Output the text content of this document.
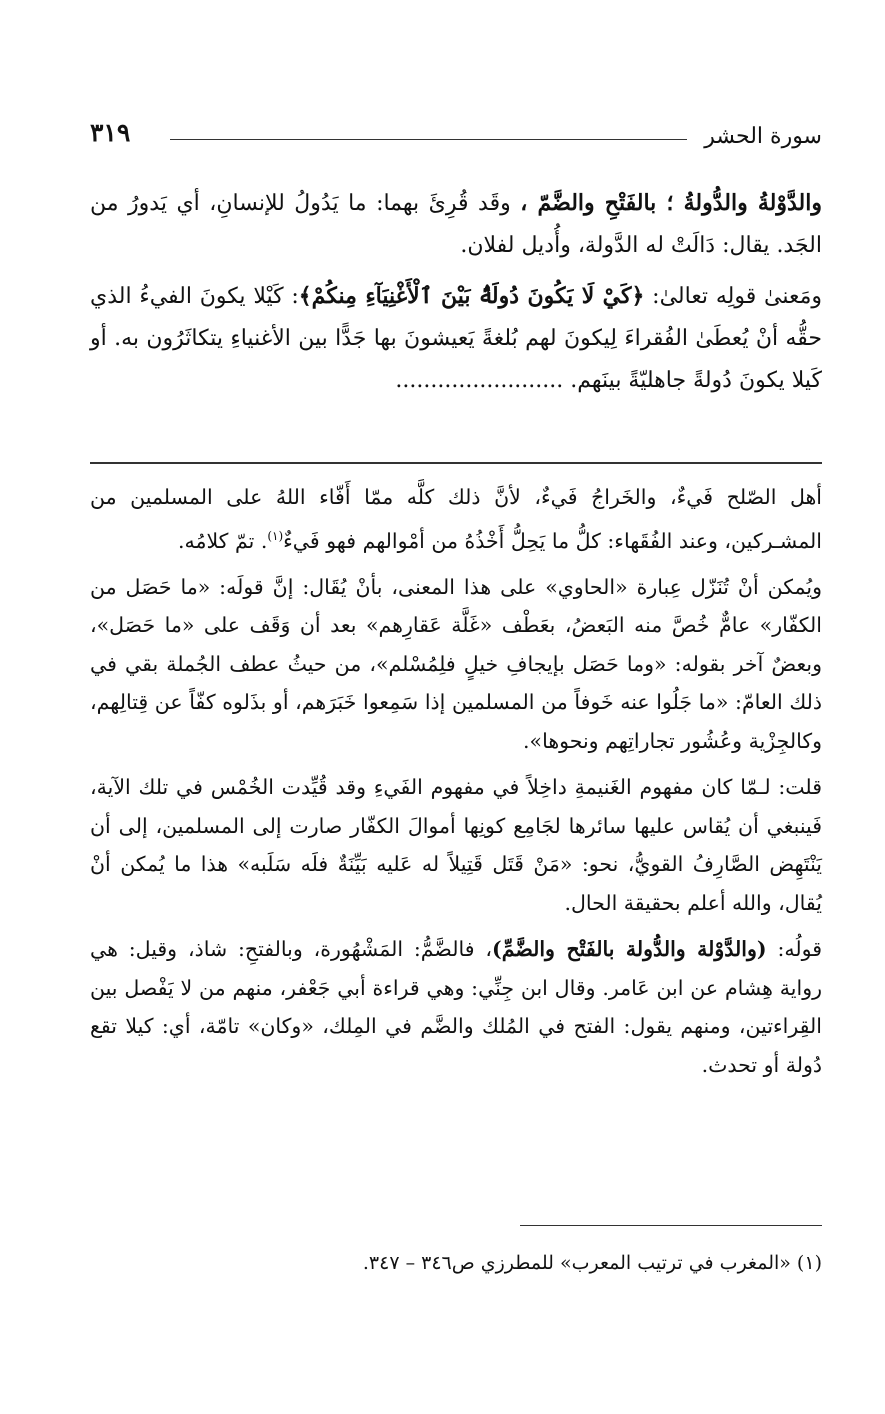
سورة الحشر
٣١٩

والدَّوْلةُ والدُّولةُ ؛ بالفَتْحِ والضَّمّ ، وقَد قُرِئَ بهما: ما يَدُولُ للإنسانِ، أي يَدورُ من الجَد. يقال: دَالَتْ له الدَّولة، وأُديل لفلان.

ومَعنىٰ قولِه تعالىٰ: ﴿كَيْ لَا يَكُونَ دُولَةًۢ بَيْنَ ٱلْأَغْنِيَآءِ مِنكُمْ﴾: كَيْلا يكونَ الفيءُ الذي حقُّه أنْ يُعطَىٰ الفُقراءَ لِيكونَ لهم بُلغةً يَعيشونَ بها جَدًّا بين الأغنياءِ يتكاثَرُون به. أو كَيلا يكونَ دُولةً جاهليّةً بينَهم. ........................

أهل الصّلح فَيءٌ، والخَراجُ فَيءٌ، لأنَّ ذلك كلَّه ممّا أَفّاء اللهُ على المسلمين من المشـركين، وعند الفُقَهاء: كلُّ ما يَحِلُّ أَخْذُهُ من أمْوالهم فهو فَيءٌ$^{(١)}$. تمّ كلامُه.

ويُمكن أنْ تُنَزّل عِبارة «الحاوي» على هذا المعنى، بأنْ يُقَال: إنَّ قولَه: «ما حَصَل من الكفّار» عامٌّ خُصَّ منه البَعضُ، بعَطْف «غَلَّة عَقارِهم» بعد أن وَقَف على «ما حَصَل»، وبعضٌ آخر بقوله: «وما حَصَل بإيجافِ خيلٍ فلِمُسْلم»، من حيثُ عطف الجُملة بقي في ذلك العامّ: «ما جَلُوا عنه خَوفاً من المسلمين إذا سَمِعوا خَبَرَهم، أو بذَلوه كفّاً عن قِتالِهم، وكالجِزْية وعُشُور تجاراتِهم ونحوها».

قلت: لـمّا كان مفهوم الغَنيمةِ داخِلاً في مفهوم الفَيءِ وقد قُيِّدت الخُمْس في تلك الآية، فَينبغي أن يُقاس عليها سائرها لجَامِع كونِها أموالَ الكفّار صارت إلى المسلمين، إلى أن يَنْتَهِض الصَّارِفُ القويُّ، نحو: «مَنْ قَتَل قَتِيلاً له عَليه بَيِّنَةٌ فلَه سَلَبه» هذا ما يُمكن أنْ يُقال، والله أعلم بحقيقة الحال.

قولُه: (والدَّوْلة والدُّولة بالفَتْح والضَّمِّ)، فالضَّمُّ: المَشْهُورة، وبالفتحِ: شاذ، وقيل: هي رواية هِشام عن ابن عَامر. وقال ابن جِنِّي: وهي قراءة أبي جَعْفر، منهم من لا يَفْصل بين القِراءتين، ومنهم يقول: الفتح في المُلك والضَّم في المِلك، «وكان» تامّة، أي: كيلا تقع دُولة أو تحدث.

(١) «المغرب في ترتيب المعرب» للمطرزي ص٣٤٦ – ٣٤٧.
